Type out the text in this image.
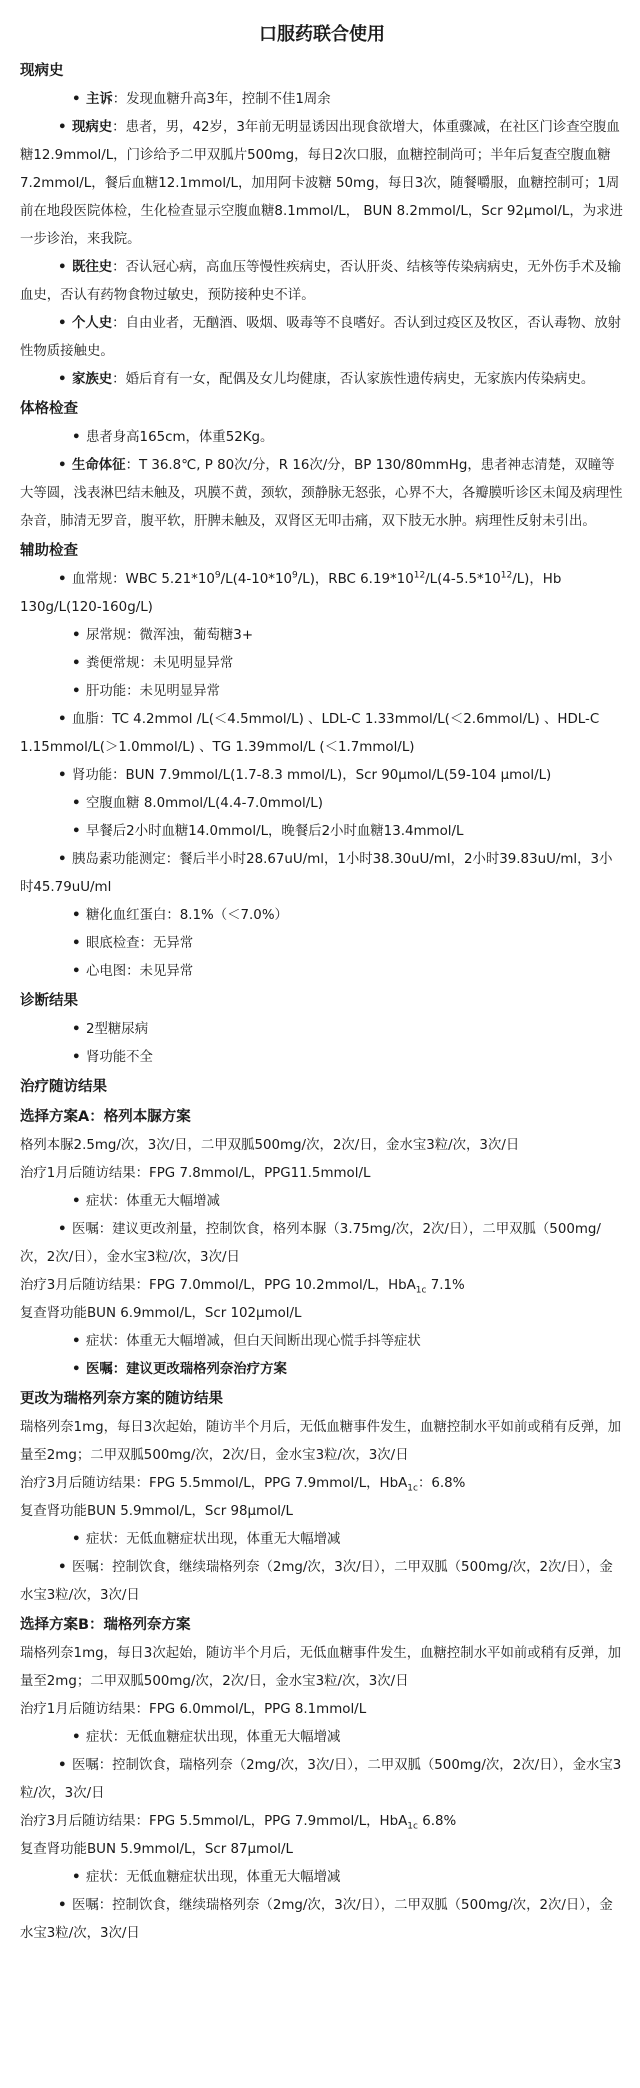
口服药联合使用
现病史
• 主诉：发现血糖升高3年，控制不佳1周余
• 现病史：患者，男，42岁，3年前无明显诱因出现食欲增大，体重骤减，在社区门诊查空腹血糖12.9mmol/L，门诊给予二甲双胍片500mg，每日2次口服，血糖控制尚可；半年后复查空腹血糖7.2mmol/L，餐后血糖12.1mmol/L，加用阿卡波糖 50mg，每日3次，随餐嚼服，血糖控制可；1周前在地段医院体检，生化检查显示空腹血糖8.1mmol/L， BUN 8.2mmol/L，Scr 92μmol/L，为求进一步诊治，来我院。
• 既往史：否认冠心病，高血压等慢性疾病史，否认肝炎、结核等传染病病史，无外伤手术及输血史，否认有药物食物过敏史，预防接种史不详。
• 个人史：自由业者，无酗酒、吸烟、吸毒等不良嗜好。否认到过疫区及牧区，否认毒物、放射性物质接触史。
• 家族史：婚后育有一女，配偶及女儿均健康，否认家族性遗传病史，无家族内传染病史。
体格检查
• 患者身高165cm，体重52Kg。
• 生命体征：T 36.8℃, P 80次/分，R 16次/分，BP 130/80mmHg，患者神志清楚，双瞳等大等圆，浅表淋巴结未触及，巩膜不黄，颈软，颈静脉无怒张，心界不大，各瓣膜听诊区未闻及病理性杂音，肺清无罗音，腹平软，肝脾未触及，双肾区无叩击痛，双下肢无水肿。病理性反射未引出。
辅助检查
• 血常规：WBC $5.21*10^9/L(4-10*10^9/L)$，RBC $6.19*10^{12}/L(4-5.5*10^{12}/L)$，Hb 130g/L(120-160g/L)
• 尿常规：微浑浊，葡萄糖3+
• 粪便常规：未见明显异常
• 肝功能：未见明显异常
• 血脂：TC 4.2mmol /L(＜4.5mmol/L) 、LDL-C 1.33mmol/L(＜2.6mmol/L) 、HDL-C 1.15mmol/L(＞1.0mmol/L) 、TG 1.39mmol/L (＜1.7mmol/L)
• 肾功能：BUN 7.9mmol/L(1.7-8.3 mmol/L)，Scr 90μmol/L(59-104 μmol/L)
• 空腹血糖 8.0mmol/L(4.4-7.0mmol/L)
• 早餐后2小时血糖14.0mmol/L，晚餐后2小时血糖13.4mmol/L
• 胰岛素功能测定：餐后半小时28.67uU/ml，1小时38.30uU/ml，2小时39.83uU/ml，3小时45.79uU/ml
• 糖化血红蛋白：8.1%（＜7.0%）
• 眼底检查：无异常
• 心电图：未见异常
诊断结果
• 2型糖尿病
• 肾功能不全
治疗随访结果
选择方案A：格列本脲方案

格列本脲2.5mg/次，3次/日，二甲双胍500mg/次，2次/日，金水宝3粒/次，3次/日

治疗1月后随访结果：FPG 7.8mmol/L，PPG11.5mmol/L

• 症状：体重无大幅增减
• 医嘱：建议更改剂量，控制饮食，格列本脲（3.75mg/次，2次/日），二甲双胍（500mg/次，2次/日），金水宝3粒/次，3次/日

治疗3月后随访结果：FPG 7.0mmol/L，PPG 10.2mmol/L，HbA$_{1c}$ 7.1%

复查肾功能BUN 6.9mmol/L，Scr 102μmol/L

• 症状：体重无大幅增减，但白天间断出现心慌手抖等症状
• 医嘱：建议更改瑞格列奈治疗方案
更改为瑞格列奈方案的随访结果

瑞格列奈1mg，每日3次起始，随访半个月后，无低血糖事件发生，血糖控制水平如前或稍有反弹，加量至2mg；二甲双胍500mg/次，2次/日，金水宝3粒/次，3次/日

治疗3月后随访结果：FPG 5.5mmol/L，PPG 7.9mmol/L，HbA$_{1c}$：6.8%

复查肾功能BUN 5.9mmol/L，Scr 98μmol/L

• 症状：无低血糖症状出现，体重无大幅增减
• 医嘱：控制饮食，继续瑞格列奈（2mg/次，3次/日），二甲双胍（500mg/次，2次/日），金水宝3粒/次，3次/日
选择方案B：瑞格列奈方案

瑞格列奈1mg，每日3次起始，随访半个月后，无低血糖事件发生，血糖控制水平如前或稍有反弹，加量至2mg；二甲双胍500mg/次，2次/日，金水宝3粒/次，3次/日

治疗1月后随访结果：FPG 6.0mmol/L，PPG 8.1mmol/L

• 症状：无低血糖症状出现，体重无大幅增减
• 医嘱：控制饮食，瑞格列奈（2mg/次，3次/日），二甲双胍（500mg/次，2次/日），金水宝3粒/次，3次/日

治疗3月后随访结果：FPG 5.5mmol/L，PPG 7.9mmol/L，HbA$_{1c}$ 6.8%

复查肾功能BUN 5.9mmol/L，Scr 87μmol/L

• 症状：无低血糖症状出现，体重无大幅增减
• 医嘱：控制饮食，继续瑞格列奈（2mg/次，3次/日），二甲双胍（500mg/次，2次/日），金水宝3粒/次，3次/日
